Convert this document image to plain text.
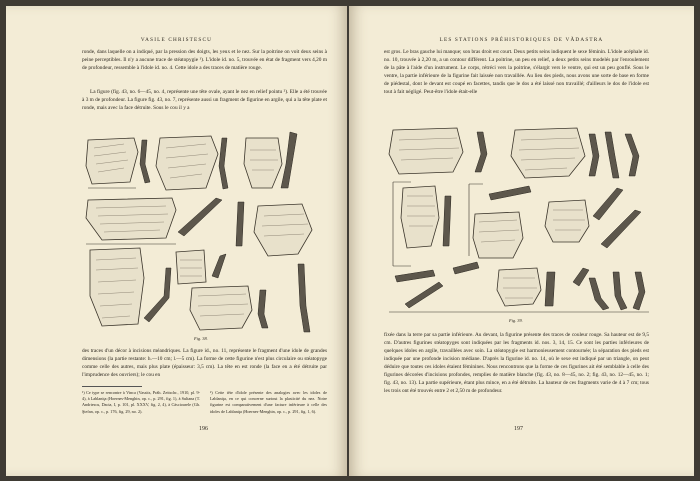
VASILE CHRISTESCU

ronde, dans laquelle on a indiqué, par la pression des doigts, les yeux et le nez. Sur la poitrine on voit deux seins à peine perceptibles. Il n'y a aucune trace de stéatopygie ¹). L'idole id. no. 5, trouvée en état de fragment vers 4,20 m de profondeur, ressemble à l'idole id. no. 4. Cette idole a des traces de matière rouge.

La figure (fig. 43, no. 6—45, no. 4, représente une tête ovale, ayant le nez en relief pointu ²). Elle a été trouvée à 3 m de profondeur. La figure fig. 43, no. 7, représente aussi un fragment de figurine en argile, qui a la tête plate et ronde, mais avec la face détruite. Sous le cou il y a

Fig. 38.

des traces d'un décor à incisions méandriques. La figure id., no. 11, représente le fragment d'une idole de grandes dimensions (la partie restante: h.—10 cm; l.—5 cm). La forme de cette figurine n'est plus circulaire ou stéatopyge comme celle des autres, mais plus plate (épaisseur: 3,5 cm). La tête en est ronde (la face en a été détruite par l'imprudence des ouvriers); le cou en

¹) Ce type se rencontre à Vinca (Vassits, Pràh. Zeitschr., 1910, pl. 9-4), à Lablaniţa (Hoernes-Menghin, op. c., p. 291, fig. 1), à Sultana (T. Andriescu, Dacia, I, p. 101, pl. XXXV, fig. 2, 4), à Căscioarele (Gh. Ştefan, op. c., p. 176, fig. 29, no. 2).

²) Cette tête d'idole présente des analogies avec les idoles de Lablaniţa, en ce qui concerne surtout la plasticité du nez. Notre figurine est comparativement d'une facture inférieure à celle des idoles de Lablaniţa (Hoernes-Menghin, op. c., p. 291, fig. 1, 6).

196
LES STATIONS PRÉHISTORIQUES DE VĂDASTRA

est gros. Le bras gauche lui manque; son bras droit est court. Deux petits seins indiquent le sexe féminin. L'idole acéphale id. no. 10, trouvée à 2,20 m, a un contour différent. La poitrine, un peu en relief, a deux petits seins modelés par l'enroulement de la pâte à l'aide d'un instrument. Le corps, rétréci vers la poitrine, s'élargit vers le ventre, qui est un peu gonflé. Sous le ventre, la partie inférieure de la figurine fait laissée non travaillée. Au lieu des pieds, nous avons une sorte de base en forme de piédestal, dont le devant est coupé en facettes, tandis que le dos a été laissé non travaillé; d'ailleurs le dos de l'idole est tout à fait négligé. Peut-être l'idole était-elle

Fig. 39.

fixée dans la terre par sa partie inférieure. Au devant, la figurine présente des traces de couleur rouge. Sa hauteur est de 9,5 cm. D'autres figurines stéatopyges sont indiquées par les fragments id. nos. 3, 14, 15. Ce sont les parties inférieures de quelques idoles en argile, travaillées avec soin. La stéatopygie est harmonieusement contournée; la séparation des pieds est indiquée par une profonde incision médiane. D'après la figurine id. no. 14, où le sexe est indiqué par un triangle, on peut déduire que toutes ces idoles étaient féminines. Nous rencontrons que la forme de ces figurines ait été semblable à celle des figurines décorées d'incisions profondes, remplies de matière blanche (fig. 43, no. 8—45, no. 2; fig. 43, no. 12—45, no. 1; fig. 43, no. 13). La partie supérieure, étant plus mince, en a été détruite. La hauteur de ces fragments varie de 4 à 7 cm; tous les trois ont été trouvés entre 2 et 2,50 m de profondeur.

197
